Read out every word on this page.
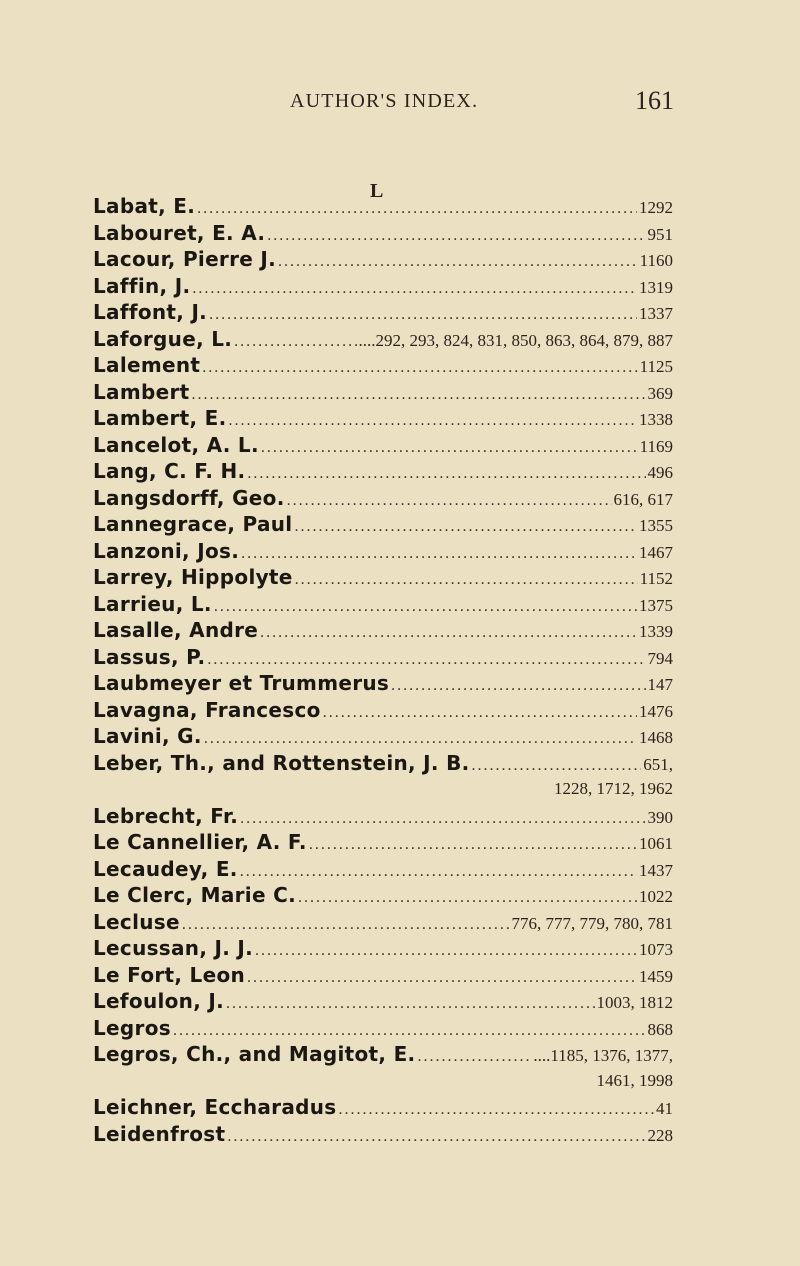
AUTHOR'S INDEX.	161
L
Labat, E. .....	1292
Labouret, E. A. .....	951
Lacour, Pierre J. .....	1160
Laffin, J. .....	1319
Laffont, J. .....	1337
Laforgue, L. .....	....292, 293, 824, 831, 850, 863, 864, 879, 887
Lalement .....	1125
Lambert .....	369
Lambert, E. .....	1338
Lancelot, A. L. .....	1169
Lang, C. F. H. .....	496
Langsdorff, Geo. .....	616, 617
Lannegrace, Paul .....	1355
Lanzoni, Jos. .....	1467
Larrey, Hippolyte .....	1152
Larrieu, L. .....	1375
Lasalle, Andre .....	1339
Lassus, P. .....	794
Laubmeyer et Trummerus .....	147
Lavagna, Francesco .....	1476
Lavini, G. .....	1468
Leber, Th., and Rottenstein, J. B. .....	651,
1228, 1712, 1962
Lebrecht, Fr. .....	390
Le Cannellier, A. F. .....	1061
Lecaudey, E. .....	1437
Le Clerc, Marie C. .....	1022
Lecluse .....	776, 777, 779, 780, 781
Lecussan, J. J. .....	1073
Le Fort, Leon .....	1459
Lefoulon, J. .....	1003, 1812
Legros .....	868
Legros, Ch., and Magitot, E. .....	....1185, 1376, 1377,
1461, 1998
Leichner, Eccharadus .....	41
Leidenfrost .....	228
